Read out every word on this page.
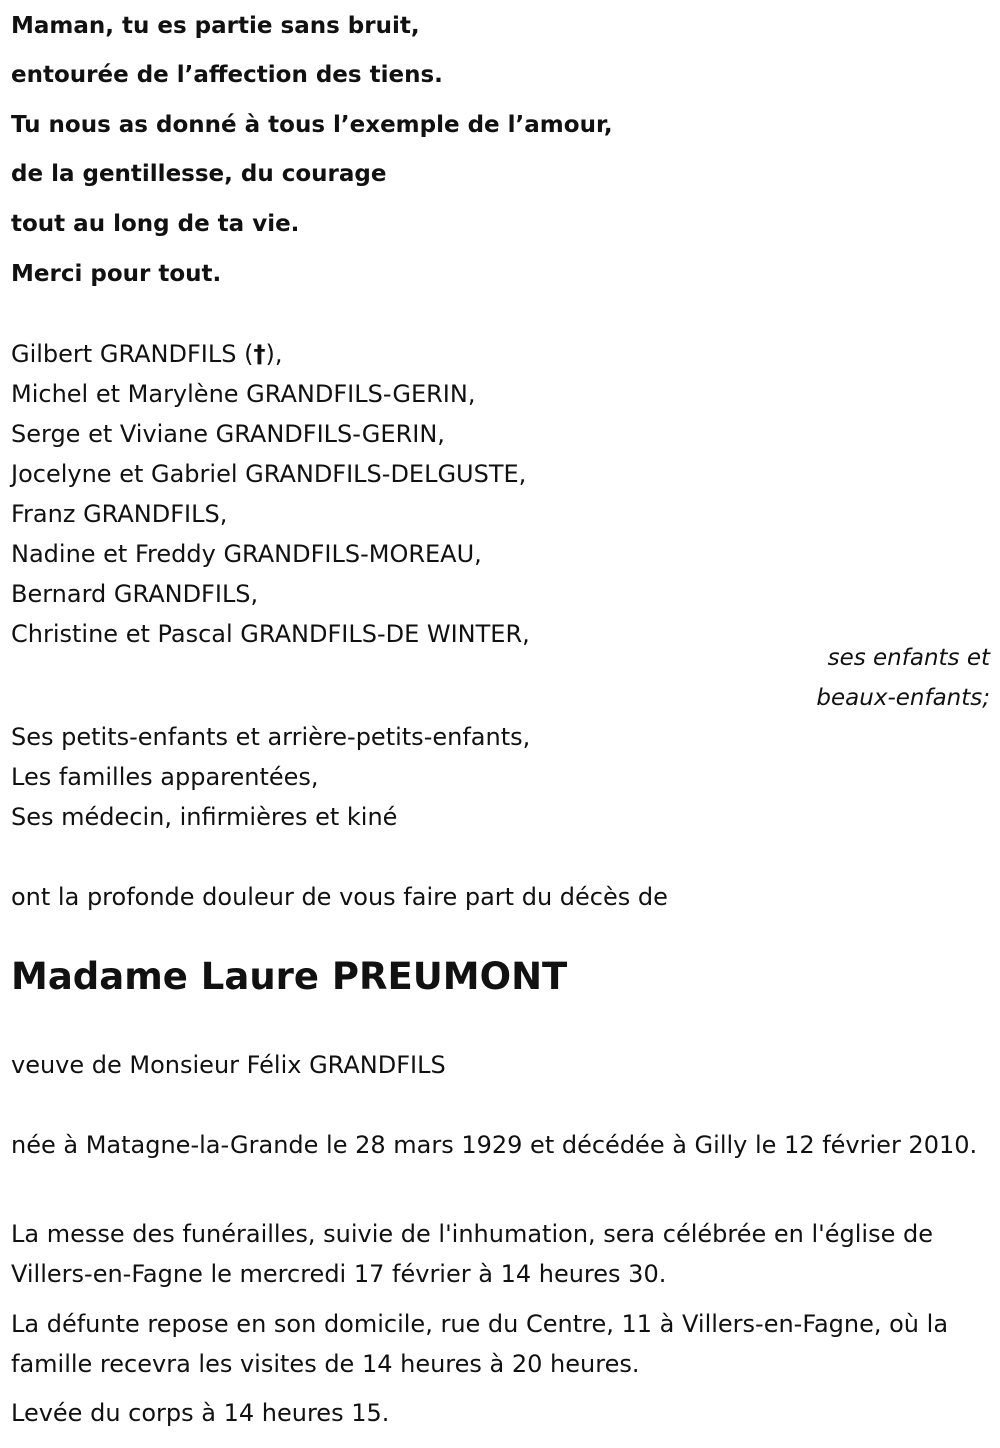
Maman, tu es partie sans bruit,
entourée de l’affection des tiens.
Tu nous as donné à tous l’exemple de l’amour,
de la gentillesse, du courage
tout au long de ta vie.
Merci pour tout.
Gilbert GRANDFILS (†),
Michel et Marylène GRANDFILS-GERIN,
Serge et Viviane GRANDFILS-GERIN,
Jocelyne et Gabriel GRANDFILS-DELGUSTE,
Franz GRANDFILS,
Nadine et Freddy GRANDFILS-MOREAU,
Bernard GRANDFILS,
Christine et Pascal GRANDFILS-DE WINTER,
ses enfants et
beaux-enfants;
Ses petits-enfants et arrière-petits-enfants,
Les familles apparentées,
Ses médecin, infirmières et kiné
ont la profonde douleur de vous faire part du décès de
Madame Laure PREUMONT
veuve de Monsieur Félix GRANDFILS
née à Matagne-la-Grande le 28 mars 1929 et décédée à Gilly le 12 février 2010.
La messe des funérailles, suivie de l'inhumation, sera célébrée en l'église de Villers-en-Fagne le mercredi 17 février à 14 heures 30.
La défunte repose en son domicile, rue du Centre, 11 à Villers-en-Fagne, où la famille recevra les visites de 14 heures à 20 heures.
Levée du corps à 14 heures 15.
